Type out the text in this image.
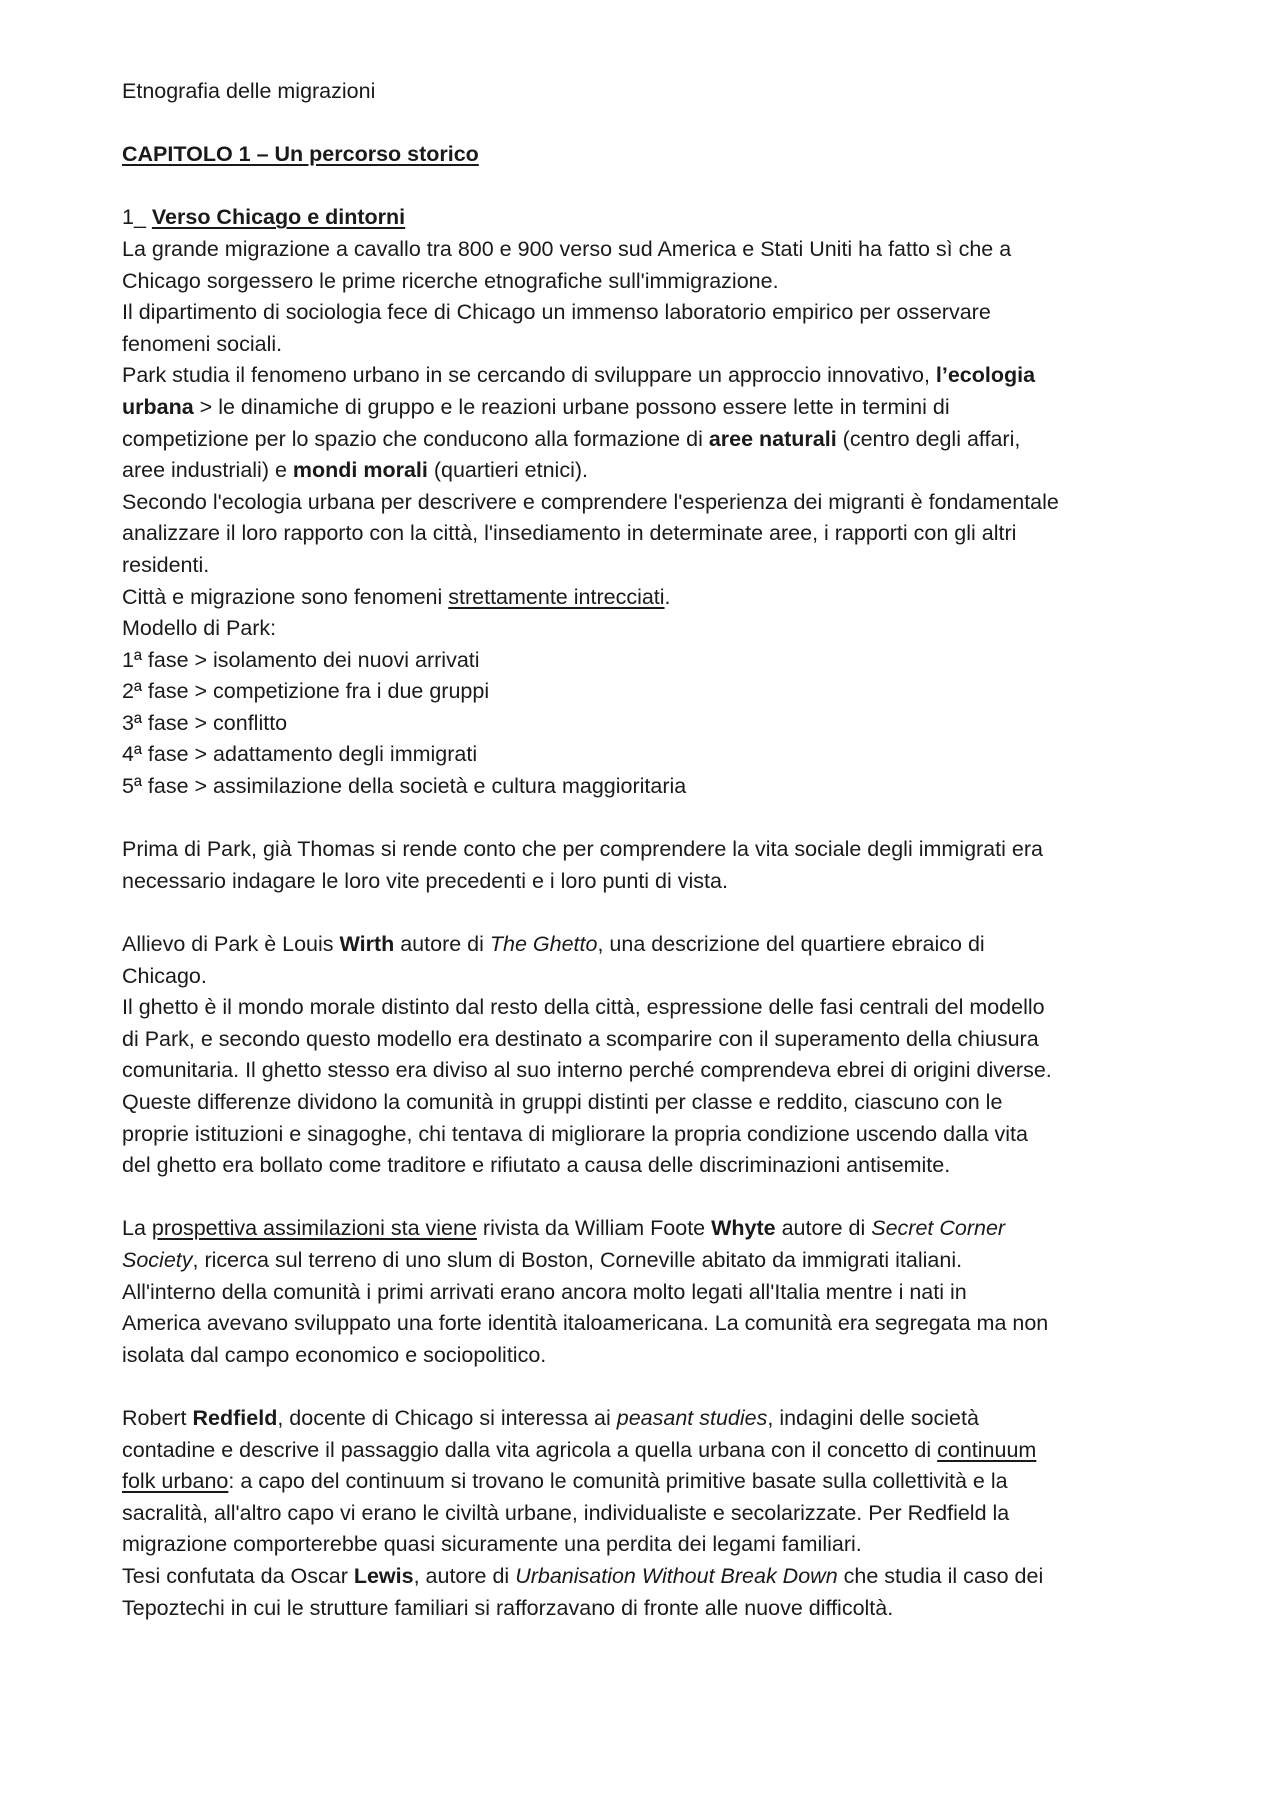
Etnografia delle migrazioni
CAPITOLO 1 – Un percorso storico
1_ Verso Chicago e dintorni
La grande migrazione a cavallo tra 800 e 900 verso sud America e Stati Uniti ha fatto sì che a
Chicago sorgessero le prime ricerche etnografiche sull'immigrazione.
Il dipartimento di sociologia fece di Chicago un immenso laboratorio empirico per osservare
fenomeni sociali.
Park studia il fenomeno urbano in se cercando di sviluppare un approccio innovativo, l’ecologia
urbana > le dinamiche di gruppo e le reazioni urbane possono essere lette in termini di
competizione per lo spazio che conducono alla formazione di aree naturali (centro degli affari,
aree industriali) e mondi morali (quartieri etnici).
Secondo l'ecologia urbana per descrivere e comprendere l'esperienza dei migranti è fondamentale
analizzare il loro rapporto con la città, l'insediamento in determinate aree, i rapporti con gli altri
residenti.
Città e migrazione sono fenomeni strettamente intrecciati.
Modello di Park:
1ª fase > isolamento dei nuovi arrivati
2ª fase > competizione fra i due gruppi
3ª fase > conflitto
4ª fase > adattamento degli immigrati
5ª fase > assimilazione della società e cultura maggioritaria
Prima di Park, già Thomas si rende conto che per comprendere la vita sociale degli immigrati era
necessario indagare le loro vite precedenti e i loro punti di vista.
Allievo di Park è Louis Wirth autore di The Ghetto, una descrizione del quartiere ebraico di
Chicago.
Il ghetto è il mondo morale distinto dal resto della città, espressione delle fasi centrali del modello
di Park, e secondo questo modello era destinato a scomparire con il superamento della chiusura
comunitaria. Il ghetto stesso era diviso al suo interno perché comprendeva ebrei di origini diverse.
Queste differenze dividono la comunità in gruppi distinti per classe e reddito, ciascuno con le
proprie istituzioni e sinagoghe, chi tentava di migliorare la propria condizione uscendo dalla vita
del ghetto era bollato come traditore e rifiutato a causa delle discriminazioni antisemite.
La prospettiva assimilazioni sta viene rivista da William Foote Whyte autore di Secret Corner
Society, ricerca sul terreno di uno slum di Boston, Corneville abitato da immigrati italiani.
All'interno della comunità i primi arrivati erano ancora molto legati all'Italia mentre i nati in
America avevano sviluppato una forte identità italoamericana. La comunità era segregata ma non
isolata dal campo economico e sociopolitico.
Robert Redfield, docente di Chicago si interessa ai peasant studies, indagini delle società
contadine e descrive il passaggio dalla vita agricola a quella urbana con il concetto di continuum
folk urbano: a capo del continuum si trovano le comunità primitive basate sulla collettività e la
sacralità, all'altro capo vi erano le civiltà urbane, individualiste e secolarizzate. Per Redfield la
migrazione comporterebbe quasi sicuramente una perdita dei legami familiari.
Tesi confutata da Oscar Lewis, autore di Urbanisation Without Break Down che studia il caso dei
Tepoztechi in cui le strutture familiari si rafforzavano di fronte alle nuove difficoltà.
